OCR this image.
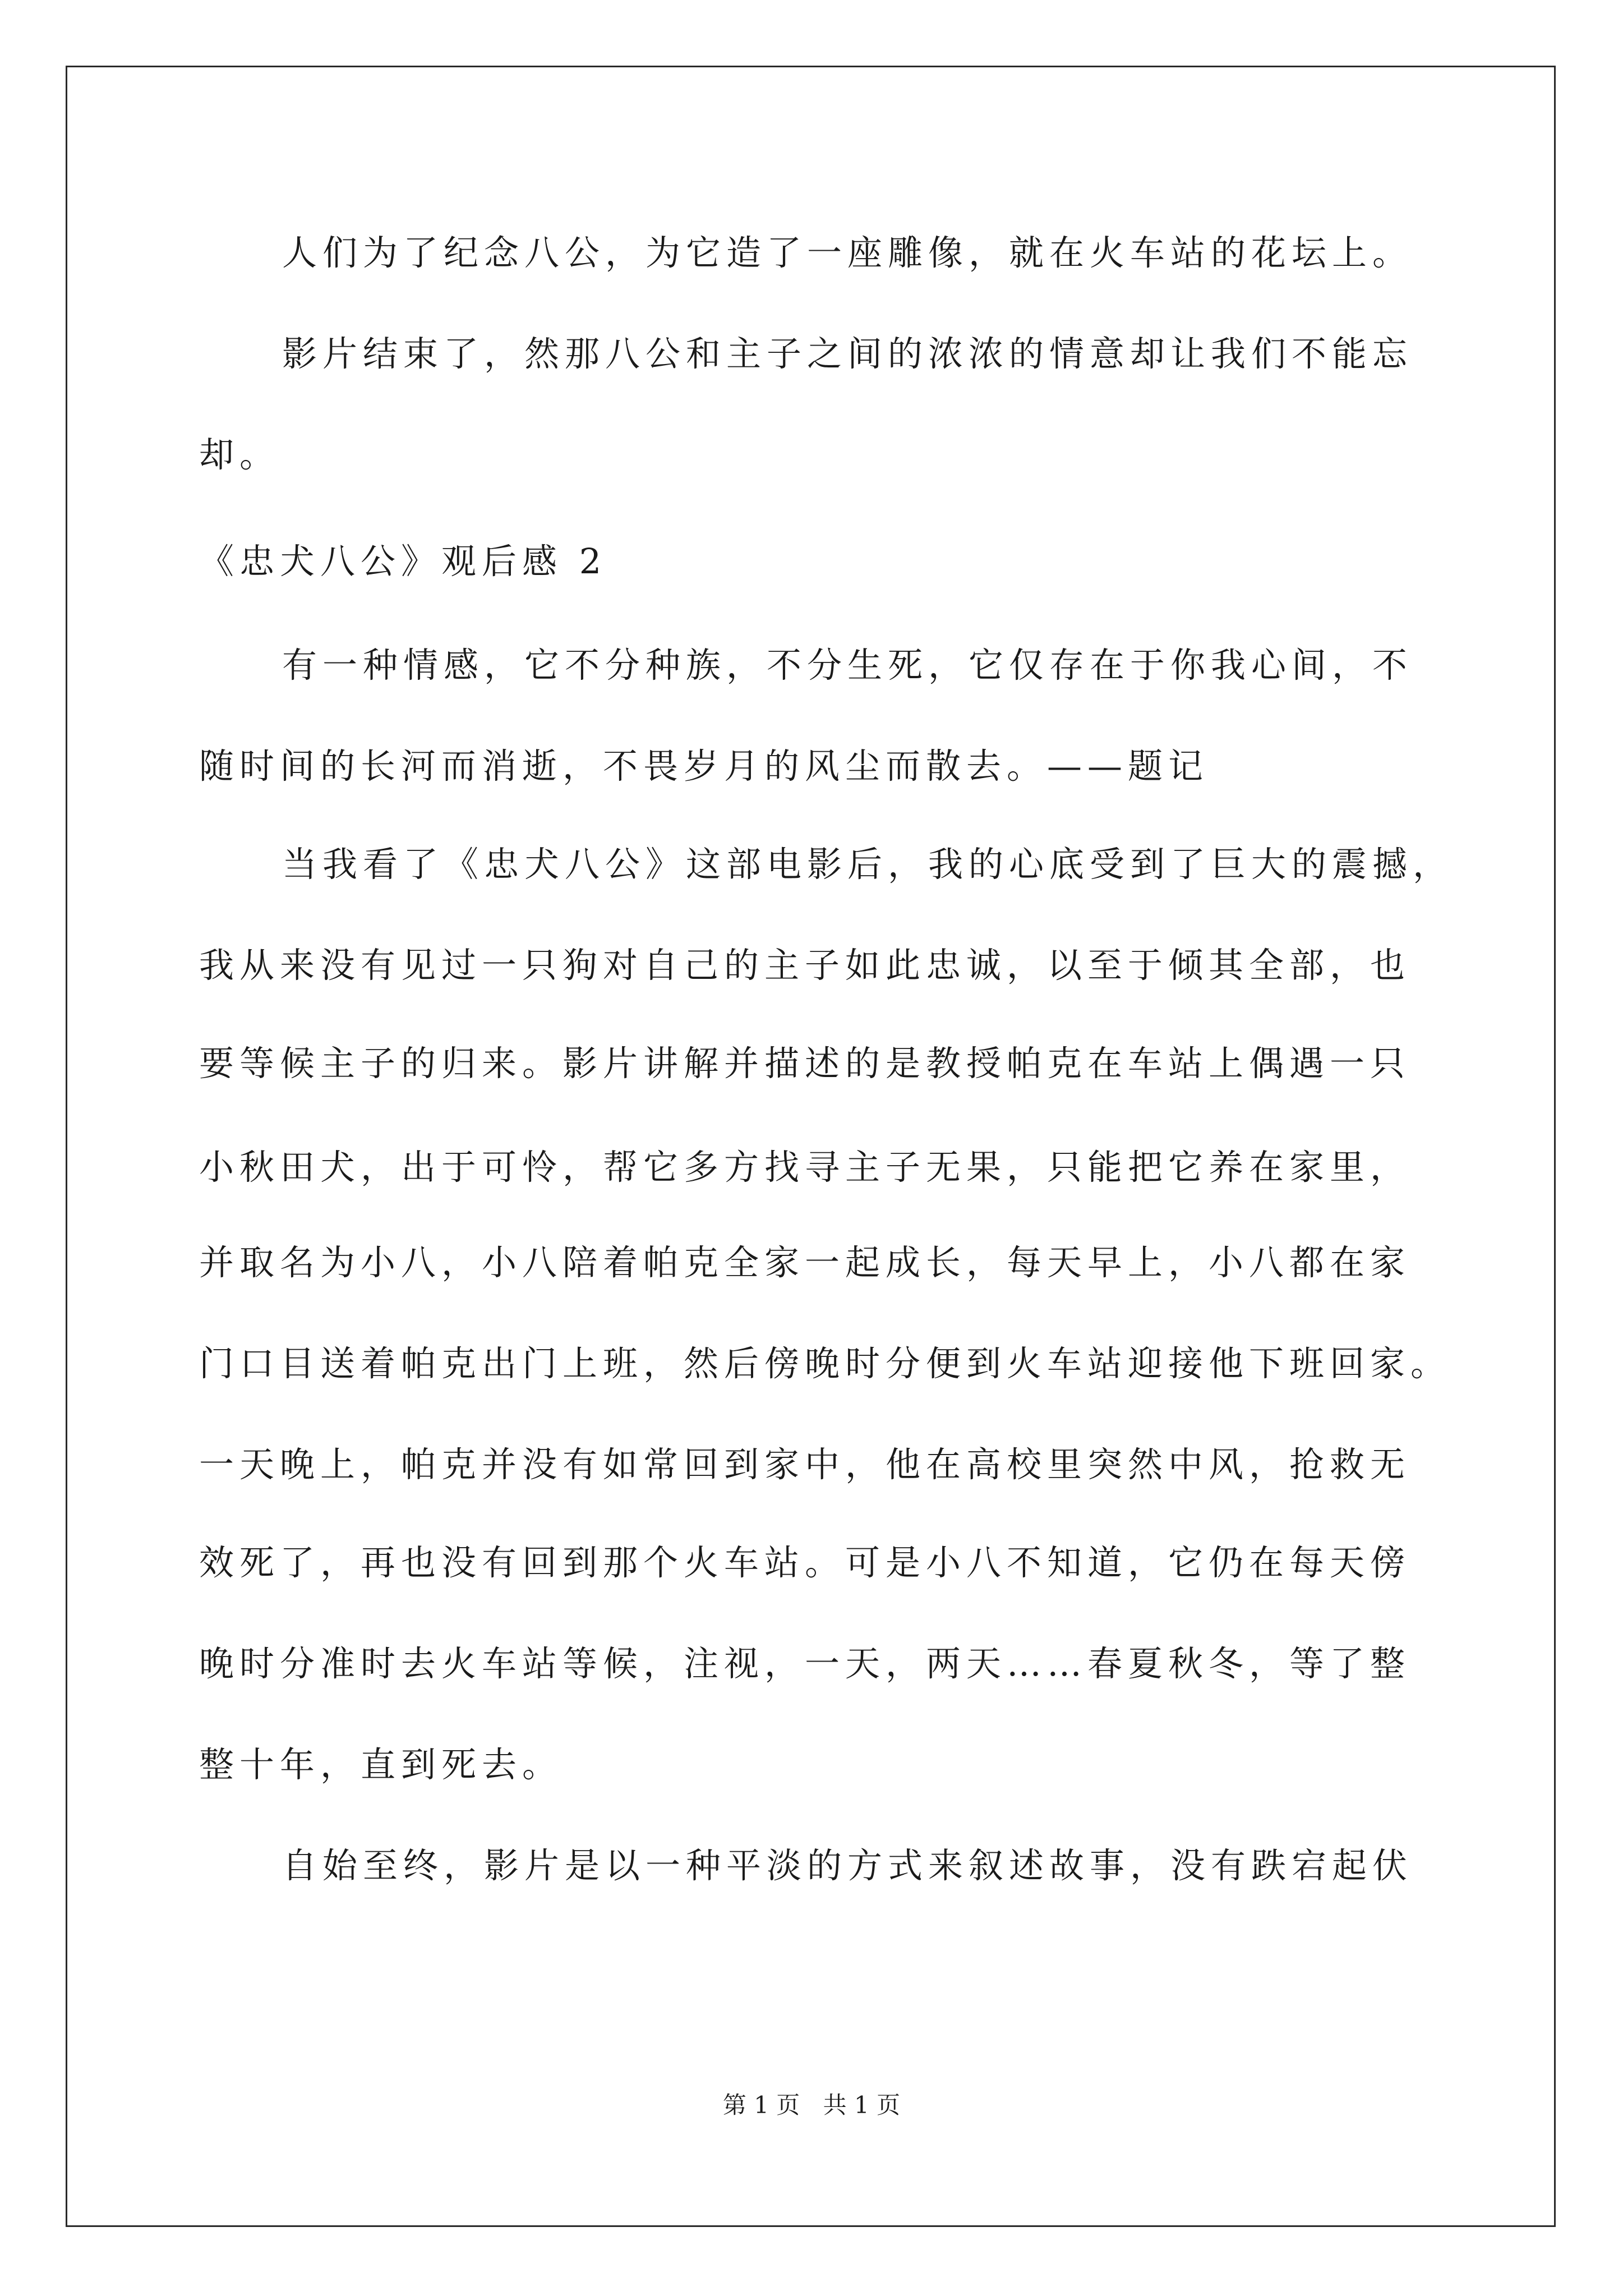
人们为了纪念八公，为它造了一座雕像，就在火车站的花坛上。
影片结束了，然那八公和主子之间的浓浓的情意却让我们不能忘
却。
《忠犬八公》观后感 2
有一种情感，它不分种族，不分生死，它仅存在于你我心间，不
随时间的长河而消逝，不畏岁月的风尘而散去。——题记
当我看了《忠犬八公》这部电影后，我的心底受到了巨大的震撼，
我从来没有见过一只狗对自己的主子如此忠诚，以至于倾其全部，也
要等候主子的归来。影片讲解并描述的是教授帕克在车站上偶遇一只
小秋田犬，出于可怜，帮它多方找寻主子无果，只能把它养在家里，
并取名为小八，小八陪着帕克全家一起成长，每天早上，小八都在家
门口目送着帕克出门上班，然后傍晚时分便到火车站迎接他下班回家。
一天晚上，帕克并没有如常回到家中，他在高校里突然中风，抢救无
效死了，再也没有回到那个火车站。可是小八不知道，它仍在每天傍
晚时分准时去火车站等候，注视，一天，两天……春夏秋冬，等了整
整十年，直到死去。
自始至终，影片是以一种平淡的方式来叙述故事，没有跌宕起伏
第 1 页 共 1 页
